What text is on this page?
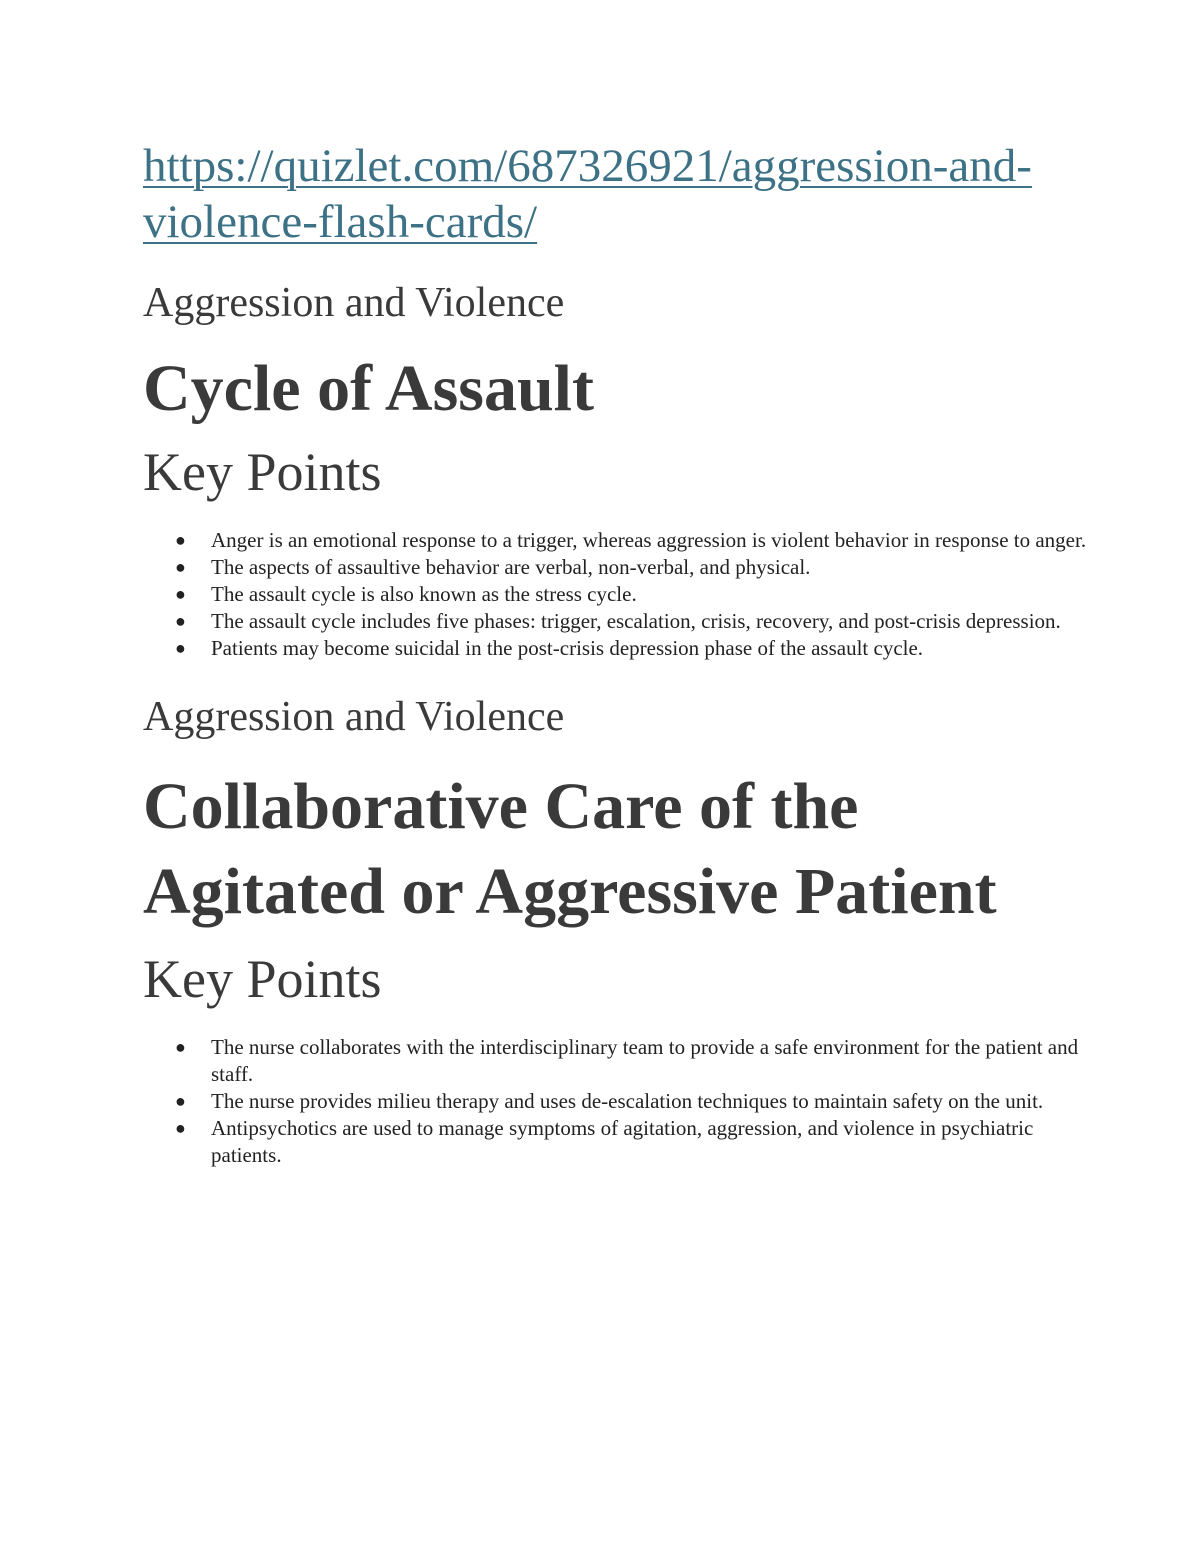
https://quizlet.com/687326921/aggression-and-violence-flash-cards/
Aggression and Violence
Cycle of Assault
Key Points
● Anger is an emotional response to a trigger, whereas aggression is violent behavior in response to anger.
● The aspects of assaultive behavior are verbal, non-verbal, and physical.
● The assault cycle is also known as the stress cycle.
● The assault cycle includes five phases: trigger, escalation, crisis, recovery, and post-crisis depression.
● Patients may become suicidal in the post-crisis depression phase of the assault cycle.
Aggression and Violence
Collaborative Care of the Agitated or Aggressive Patient
Key Points
● The nurse collaborates with the interdisciplinary team to provide a safe environment for the patient and staff.
● The nurse provides milieu therapy and uses de-escalation techniques to maintain safety on the unit.
● Antipsychotics are used to manage symptoms of agitation, aggression, and violence in psychiatric patients.
